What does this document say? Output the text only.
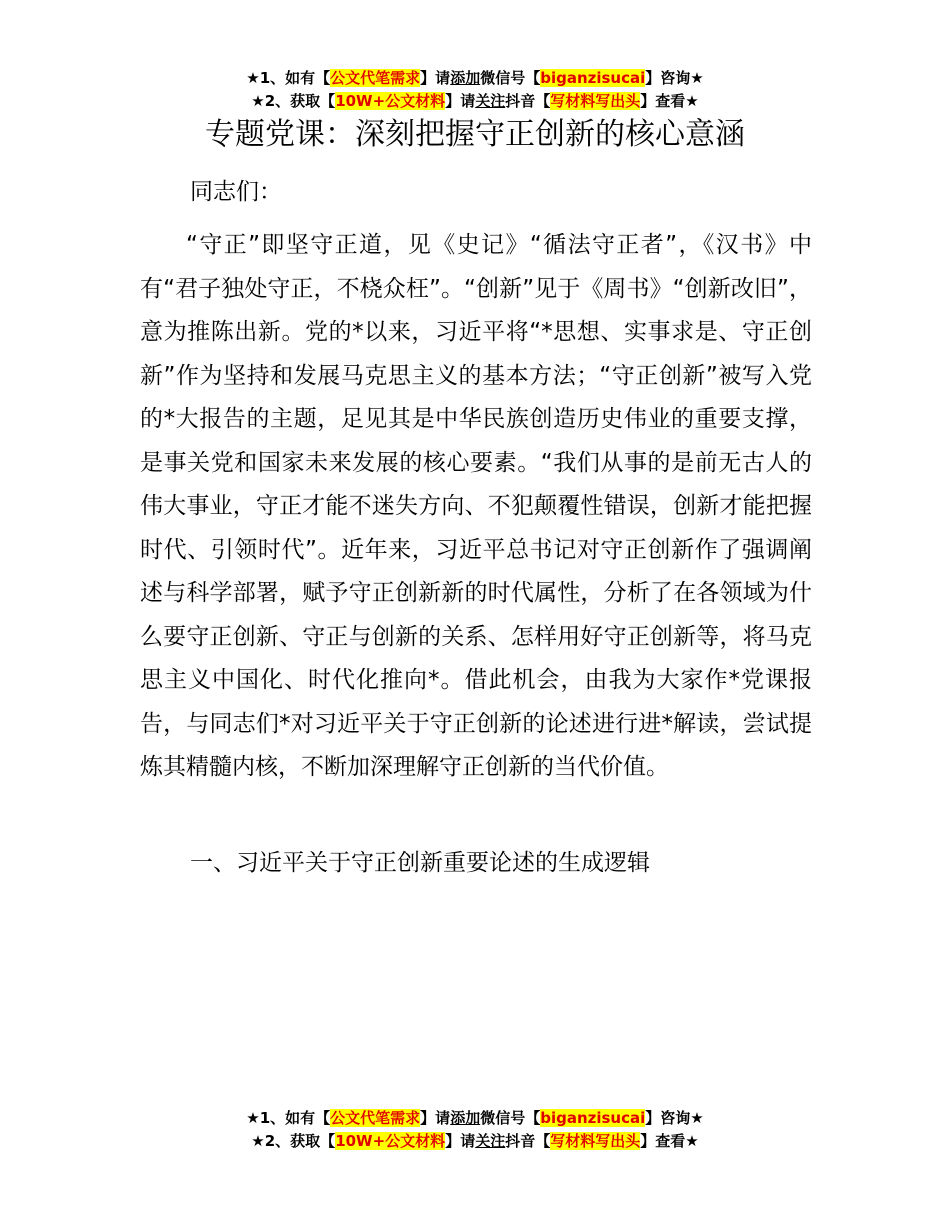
★1、如有【公文代笔需求】请添加微信号【biganzisucai】咨询★
★2、获取【10W+公文材料】请关注抖音【写材料写出头】查看★
专题党课：深刻把握守正创新的核心意涵
同志们：

“守正”即坚守正道，见《史记》“循法守正者”，《汉书》中有“君子独处守正，不桡众枉”。“创新”见于《周书》“创新改旧”，意为推陈出新。党的*以来，习近平将“*思想、实事求是、守正创新”作为坚持和发展马克思主义的基本方法；“守正创新”被写入党的*大报告的主题，足见其是中华民族创造历史伟业的重要支撑，是事关党和国家未来发展的核心要素。“我们从事的是前无古人的伟大事业，守正才能不迷失方向、不犯颠覆性错误，创新才能把握时代、引领时代”。近年来，习近平总书记对守正创新作了强调阐述与科学部署，赋予守正创新新的时代属性，分析了在各领域为什么要守正创新、守正与创新的关系、怎样用好守正创新等，将马克思主义中国化、时代化推向*。借此机会，由我为大家作*党课报告，与同志们*对习近平关于守正创新的论述进行进*解读，尝试提炼其精髓内核，不断加深理解守正创新的当代价值。

一、习近平关于守正创新重要论述的生成逻辑
★1、如有【公文代笔需求】请添加微信号【biganzisucai】咨询★
★2、获取【10W+公文材料】请关注抖音【写材料写出头】查看★
